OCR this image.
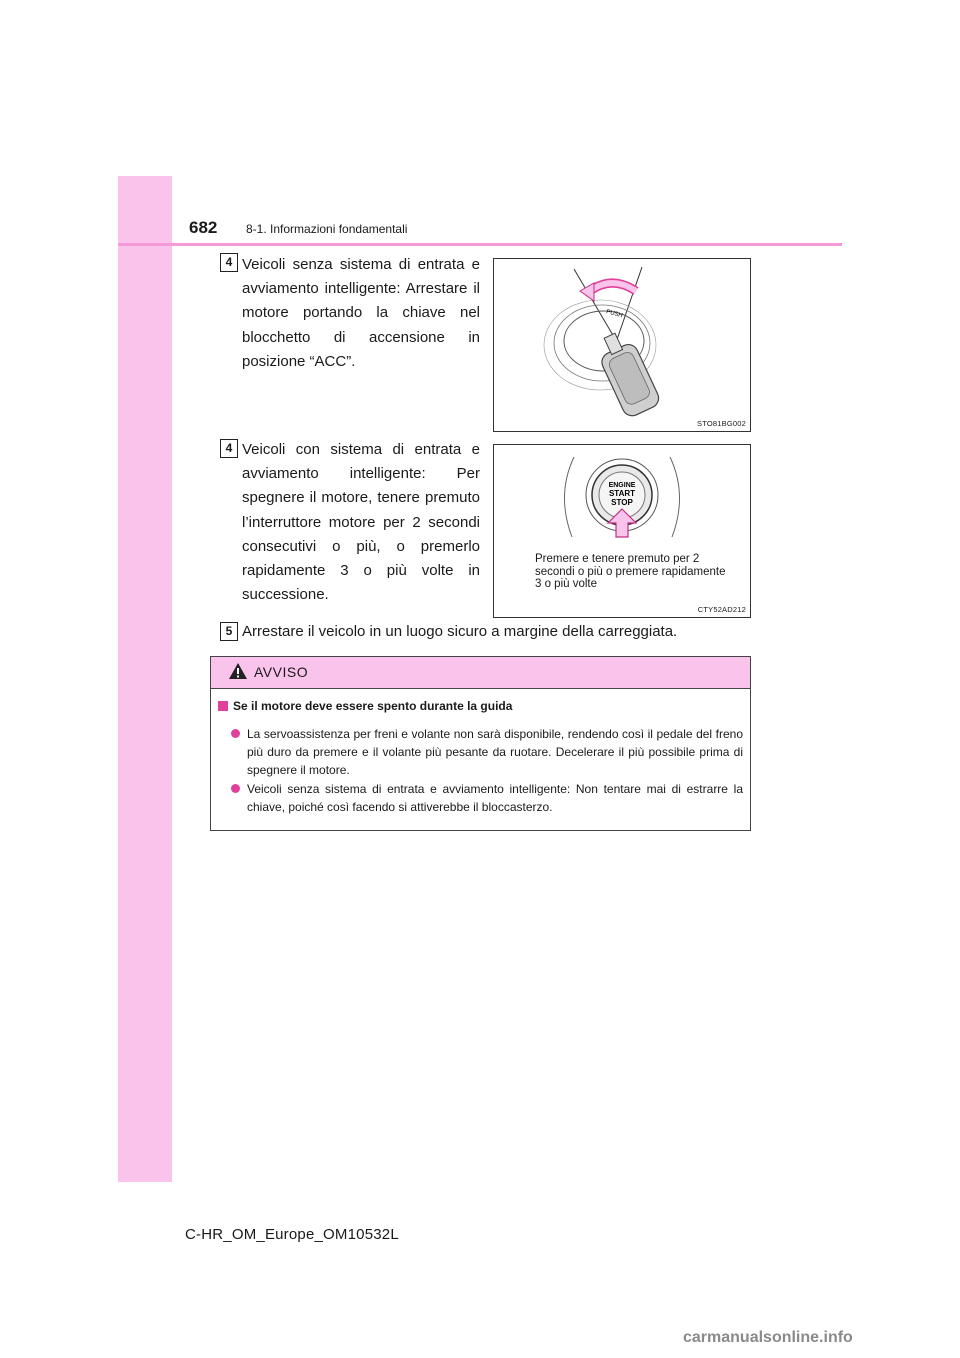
682 8-1. Informazioni fondamentali
4 Veicoli senza sistema di entrata e avviamento intelligente: Arrestare il motore portando la chiave nel blocchetto di accensione in posizione “ACC”.
PUSH
STO81BG002
4 Veicoli con sistema di entrata e avviamento intelligente: Per spegnere il motore, tenere premuto l’interruttore motore per 2 secondi consecutivi o più, o premerlo rapidamente 3 o più volte in successione.
ENGINE
START
STOP
Premere e tenere premuto per 2 secondi o più o premere rapidamente 3 o più volte
CTY52AD212
5 Arrestare il veicolo in un luogo sicuro a margine della carreggiata.
AVVISO
Se il motore deve essere spento durante la guida
La servoassistenza per freni e volante non sarà disponibile, rendendo così il pedale del freno più duro da premere e il volante più pesante da ruotare. Decelerare il più possibile prima di spegnere il motore.
Veicoli senza sistema di entrata e avviamento intelligente: Non tentare mai di estrarre la chiave, poiché così facendo si attiverebbe il bloccasterzo.
C-HR_OM_Europe_OM10532L
carmanualsonline.info
